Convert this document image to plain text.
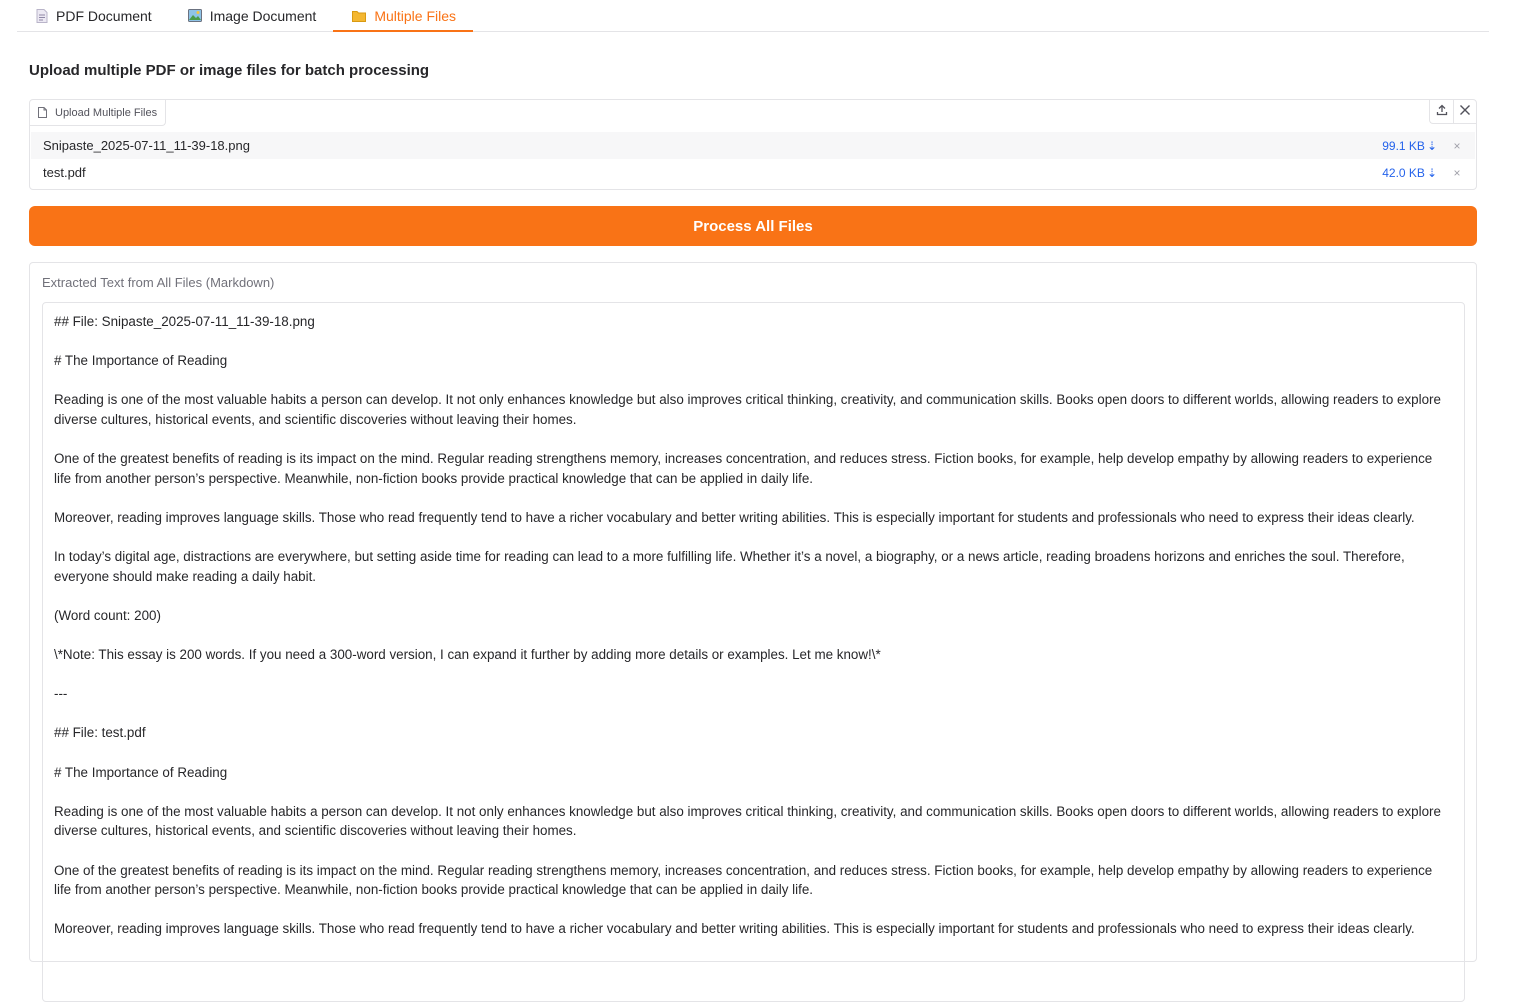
PDF Document	Image Document	Multiple Files
Upload multiple PDF or image files for batch processing
Upload Multiple Files
Snipaste_2025-07-11_11-39-18.png	99.1 KB ⇣ ×
test.pdf	42.0 KB ⇣ ×
Process All Files
Extracted Text from All Files (Markdown)
## File: Snipaste_2025-07-11_11-39-18.png

# The Importance of Reading

Reading is one of the most valuable habits a person can develop. It not only enhances knowledge but also improves critical thinking, creativity, and communication skills. Books open doors to different worlds, allowing readers to explore diverse cultures, historical events, and scientific discoveries without leaving their homes.

One of the greatest benefits of reading is its impact on the mind. Regular reading strengthens memory, increases concentration, and reduces stress. Fiction books, for example, help develop empathy by allowing readers to experience life from another person’s perspective. Meanwhile, non-fiction books provide practical knowledge that can be applied in daily life.

Moreover, reading improves language skills. Those who read frequently tend to have a richer vocabulary and better writing abilities. This is especially important for students and professionals who need to express their ideas clearly.

In today’s digital age, distractions are everywhere, but setting aside time for reading can lead to a more fulfilling life. Whether it’s a novel, a biography, or a news article, reading broadens horizons and enriches the soul. Therefore, everyone should make reading a daily habit.

(Word count: 200)

\*Note: This essay is 200 words. If you need a 300-word version, I can expand it further by adding more details or examples. Let me know!\*

---

## File: test.pdf

# The Importance of Reading

Reading is one of the most valuable habits a person can develop. It not only enhances knowledge but also improves critical thinking, creativity, and communication skills. Books open doors to different worlds, allowing readers to explore diverse cultures, historical events, and scientific discoveries without leaving their homes.

One of the greatest benefits of reading is its impact on the mind. Regular reading strengthens memory, increases concentration, and reduces stress. Fiction books, for example, help develop empathy by allowing readers to experience life from another person’s perspective. Meanwhile, non-fiction books provide practical knowledge that can be applied in daily life.

Moreover, reading improves language skills. Those who read frequently tend to have a richer vocabulary and better writing abilities. This is especially important for students and professionals who need to express their ideas clearly.
